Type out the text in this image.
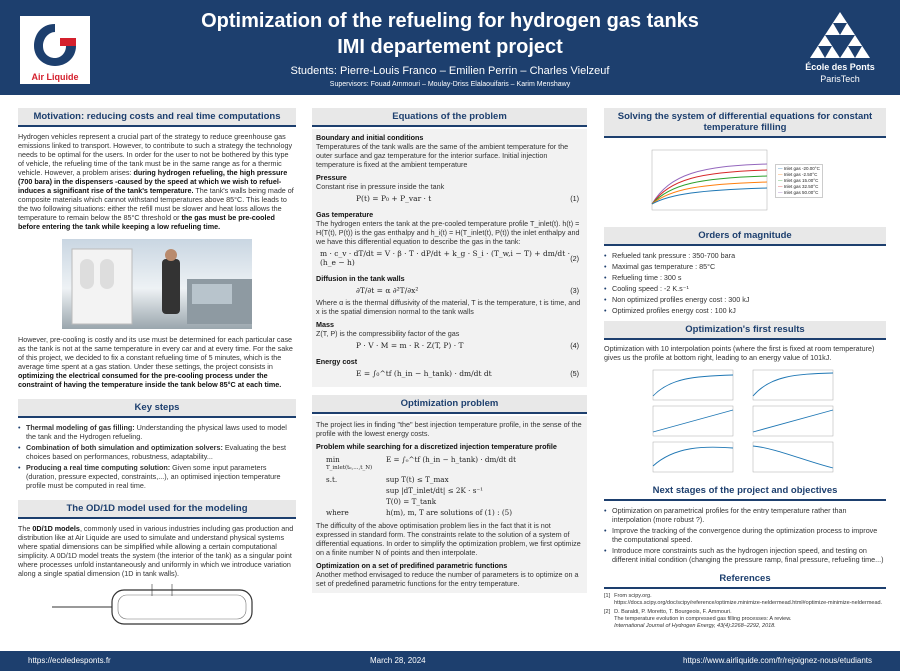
Air Liquide
Optimization of the refueling for hydrogen gas tanks
IMI departement project
Students: Pierre-Louis Franco – Emilien Perrin – Charles Vielzeuf
Supervisors: Fouad Ammouri – Moulay-Driss Elalaouifaris – Karim Menshawy
École des Ponts
ParisTech
Motivation: reducing costs and real time computations
Hydrogen vehicles represent a crucial part of the strategy to reduce greenhouse gas emissions linked to transport. However, to contribute to such a strategy the technology needs to be optimal for the users. In order for the user to not be bothered by this type of vehicle, the refueling time of the tank must be in the same range as for a thermic vehicle. However, a problem arises: during hydrogen refueling, the high pressure (700 bara) in the dispensers -caused by the speed at which we wish to refuel- induces a significant rise of the tank's temperature. The tank's walls being made of composite materials which cannot withstand temperatures above 85°C. This leads to the two following situations: either the refill must be slower and heat loss allows the temperature to remain below the 85°C threshold or the gas must be pre-cooled before entering the tank while keeping a low refueling time.
However, pre-cooling is costly and its use must be determined for each particular case as the tank is not at the same temperature in every car and at every time. For the sake of this project, we decided to fix a constant refueling time of 5 minutes, which is the average time spent at a gas station. Under these settings, the project consists in optimizing the electrical consumed for the pre-cooling process under the constraint of having the temperature inside the tank below 85°C at each time.
Key steps
• Thermal modeling of gas filling: Understanding the physical laws used to model the tank and the Hydrogen refueling.
• Combination of both simulation and optimization solvers: Evaluating the best choices based on performances, robustness, adaptability...
• Producing a real time computing solution: Given some input parameters (duration, pressure expected, constraints,...), an optimised injection temperature profile must be computed in real time.
The OD/1D model used for the modeling
The 0D/1D models, commonly used in various industries including gas production and distribution like at Air Liquide are used to simulate and understand physical systems where spatial dimensions can be simplified while allowing a certain computational simplicity. A 0D/1D model treats the system (the interior of the tank) as a singular point where processes unfold instantaneously and uniformly in which we introduce variation along a single spatial dimension (1D in tank walls).
Equations of the problem
Boundary and initial conditions
Temperatures of the tank walls are the same of the ambient temperature for the outer surface and gaz temperature for the interior surface. Initial injection temperature is fixed at the ambient temperature
Pressure
Constant rise in pressure inside the tank
P(t) = P₀ + P_var · t	(1)
Gas temperature
The hydrogen enters the tank at the pre-cooled temperature profile T_inlet(t). h(t) = H(T(t), P(t)) is the gas enthalpy and h_i(t) = H(T_inlet(t), P(t)) the inlet enthalpy and we have this differential equation to describe the gas in the tank:
m · c_v · dT/dt = V · β · T · dP/dt + k_g · S_i · (T_w,i − T) + dm/dt · (h_e − h)	(2)
Diffusion in the tank walls
∂T/∂t = α ∂²T/∂x²	(3)
Where α is the thermal diffusivity of the material, T is the temperature, t is time, and x is the spatial dimension normal to the tank walls
Mass
Z(T, P) is the compressibility factor of the gas
P · V · M = m · R · Z(T, P) · T	(4)
Energy cost
E = ∫₀^tf (h_in − h_tank) · dm/dt dt	(5)
Optimization problem
The project lies in finding "the" best injection temperature profile, in the sense of the profile with the lowest energy costs.
Problem while searching for a discretized injection temperature profile
min	E = ∫₀^tf (h_in − h_tank) · dm/dt dt
T_inlet(t₀,...,t_N)
s.t.	sup T(t) ≤ T_max
sup |dT_inlet/dt| ≤ 2K · s⁻¹
T(0) = T_tank
where	h(m), m, T are solutions of (1) : (5)
The difficulty of the above optimisation problem lies in the fact that it is not expressed in standard form. The constraints relate to the solution of a system of differential equations. In order to simplify the optimization problem, we first optimize on a finite number N of points and then interpolate.
Optimization on a set of predifined parametric functions
Another method envisaged to reduce the number of parameters is to optimize on a set of predefined parametric functions for the entry temperature.
Solving the system of differential equations for constant temperature filling
— Inlet gas -20.00°C
— Inlet gas -2.50°C
— Inlet gas 15.00°C
— Inlet gas 32.50°C
— Inlet gas 50.00°C
Orders of magnitude
• Refueled tank pressure : 350-700 bara
• Maximal gas temperature : 85°C
• Refueling time : 300 s
• Cooling speed : -2 K.s⁻¹
• Non optimized profiles energy cost : 300 kJ
• Optimized profiles energy cost : 100 kJ
Optimization's first results
Optimization with 10 interpolation points (where the first is fixed at room temperature) gives us the profile at bottom right, leading to an energy value of 101kJ.
Next stages of the project and objectives
• Optimization on parametrical profiles for the entry temperature rather than interpolation (more robust ?).
• Improve the tracking of the convergence during the optimization process to improve the computational speed.
• Introduce more constraints such as the hydrogen injection speed, and testing on different initial condition (changing the pressure ramp, final pressure, refueling time...)
References
[1] From scipy.org.
https://docs.scipy.org/doc/scipy/reference/optimize.minimize-neldermead.html#optimize-minimize-neldermead.
[2] D. Baraldi, P. Moretto, T. Bourgeois, F. Ammouri.
The temperature evolution in compressed gas filling processes: A review.
International Journal of Hydrogen Energy, 43(4):2268–2292, 2018.
https://ecoledesponts.fr	March 28, 2024	https://www.airliquide.com/fr/rejoignez-nous/etudiants
